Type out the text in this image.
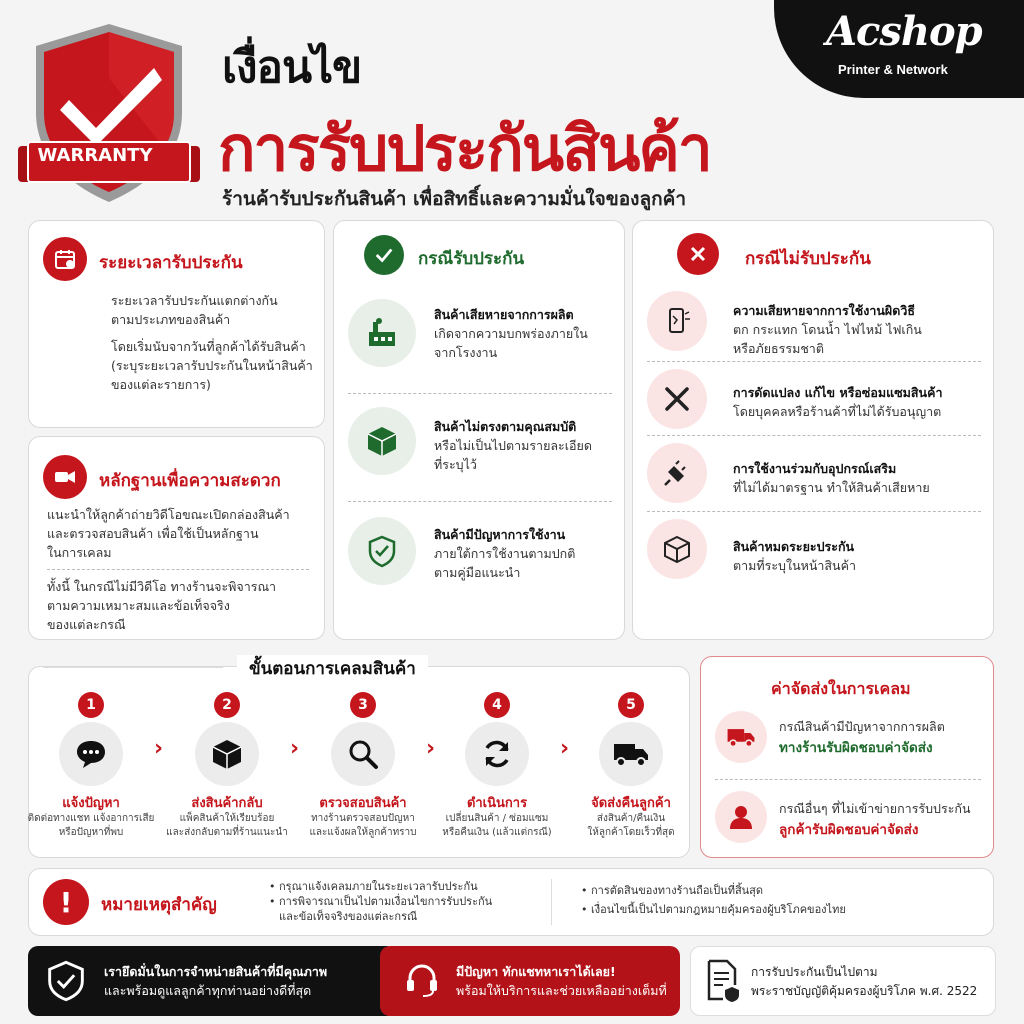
Acshop
Printer & Network
WARRANTY
เงื่อนไข
การรับประกันสินค้า
ร้านค้ารับประกันสินค้า เพื่อสิทธิ์และความมั่นใจของลูกค้า
ระยะเวลารับประกัน
ระยะเวลารับประกันแตกต่างกัน
ตามประเภทของสินค้า
โดยเริ่มนับจากวันที่ลูกค้าได้รับสินค้า
(ระบุระยะเวลารับประกันในหน้าสินค้า
ของแต่ละรายการ)
หลักฐานเพื่อความสะดวก
แนะนำให้ลูกค้าถ่ายวิดีโอขณะเปิดกล่องสินค้า
และตรวจสอบสินค้า เพื่อใช้เป็นหลักฐาน
ในการเคลม
ทั้งนี้ ในกรณีไม่มีวิดีโอ ทางร้านจะพิจารณา
ตามความเหมาะสมและข้อเท็จจริง
ของแต่ละกรณี
กรณีรับประกัน
สินค้าเสียหายจากการผลิต
เกิดจากความบกพร่องภายใน
จากโรงงาน
สินค้าไม่ตรงตามคุณสมบัติ
หรือไม่เป็นไปตามรายละเอียด
ที่ระบุไว้
สินค้ามีปัญหาการใช้งาน
ภายใต้การใช้งานตามปกติ
ตามคู่มือแนะนำ
กรณีไม่รับประกัน
ความเสียหายจากการใช้งานผิดวิธี
ตก กระแทก โดนน้ำ ไฟไหม้ ไฟเกิน
หรือภัยธรรมชาติ
การดัดแปลง แก้ไข หรือซ่อมแซมสินค้า
โดยบุคคลหรือร้านค้าที่ไม่ได้รับอนุญาต
การใช้งานร่วมกับอุปกรณ์เสริม
ที่ไม่ได้มาตรฐาน ทำให้สินค้าเสียหาย
สินค้าหมดระยะประกัน
ตามที่ระบุในหน้าสินค้า
ขั้นตอนการเคลมสินค้า
1
แจ้งปัญหา
ติดต่อทางแชท แจ้งอาการเสีย
หรือปัญหาที่พบ
›
2
ส่งสินค้ากลับ
แพ็คสินค้าให้เรียบร้อย
และส่งกลับตามที่ร้านแนะนำ
›
3
ตรวจสอบสินค้า
ทางร้านตรวจสอบปัญหา
และแจ้งผลให้ลูกค้าทราบ
›
4
ดำเนินการ
เปลี่ยนสินค้า / ซ่อมแซม
หรือคืนเงิน (แล้วแต่กรณี)
›
5
จัดส่งคืนลูกค้า
ส่งสินค้า/คืนเงิน
ให้ลูกค้าโดยเร็วที่สุด
ค่าจัดส่งในการเคลม
กรณีสินค้ามีปัญหาจากการผลิต
ทางร้านรับผิดชอบค่าจัดส่ง
กรณีอื่นๆ ที่ไม่เข้าข่ายการรับประกัน
ลูกค้ารับผิดชอบค่าจัดส่ง
!	หมายเหตุสำคัญ
• กรุณาแจ้งเคลมภายในระยะเวลารับประกัน
• การพิจารณาเป็นไปตามเงื่อนไขการรับประกัน
และข้อเท็จจริงของแต่ละกรณี
• การตัดสินของทางร้านถือเป็นที่สิ้นสุด
• เงื่อนไขนี้เป็นไปตามกฎหมายคุ้มครองผู้บริโภคของไทย
เรายึดมั่นในการจำหน่ายสินค้าที่มีคุณภาพ
และพร้อมดูแลลูกค้าทุกท่านอย่างดีที่สุด
มีปัญหา ทักแชทหาเราได้เลย!
พร้อมให้บริการและช่วยเหลืออย่างเต็มที่
การรับประกันเป็นไปตาม
พระราชบัญญัติคุ้มครองผู้บริโภค พ.ศ. 2522
